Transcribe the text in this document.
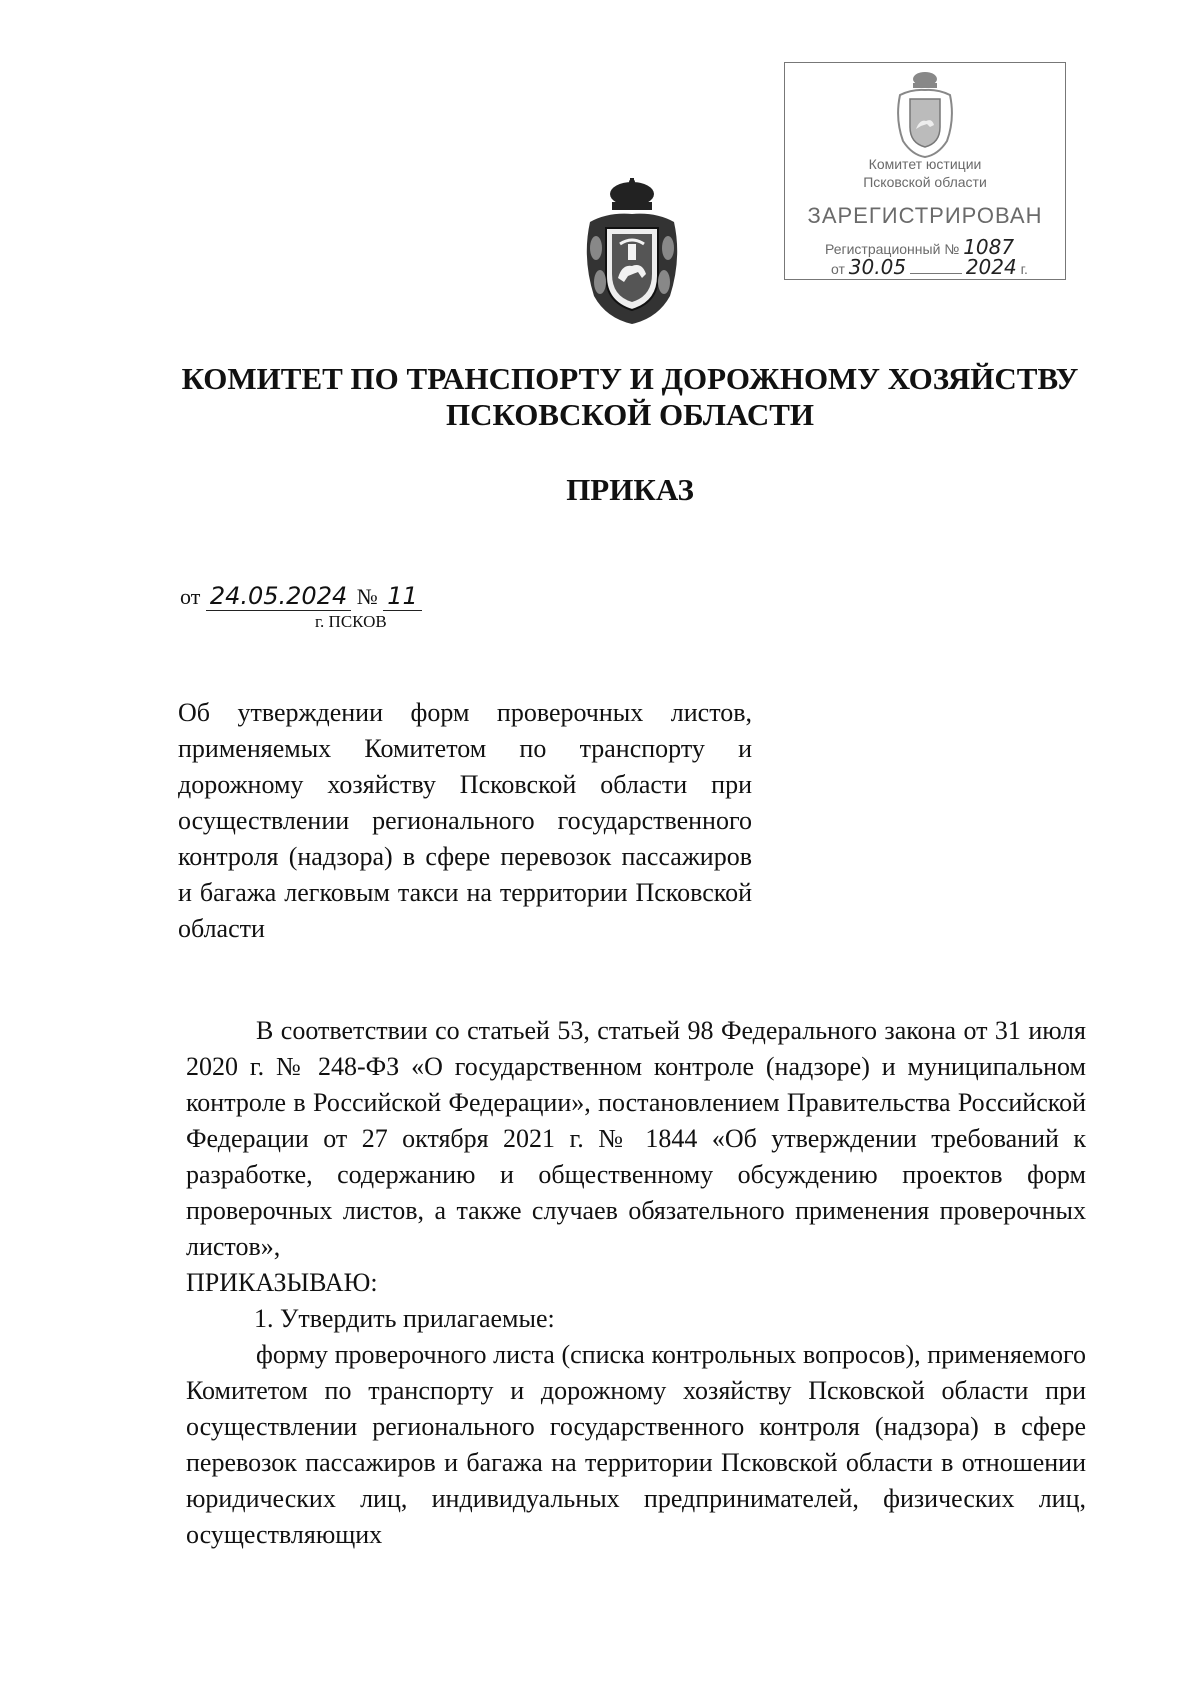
Комитет юстиции
Псковской области
ЗАРЕГИСТРИРОВАН
Регистрационный № 1087
от 30.05	2024 г.
КОМИТЕТ ПО ТРАНСПОРТУ И ДОРОЖНОМУ ХОЗЯЙСТВУ
ПСКОВСКОЙ ОБЛАСТИ
ПРИКАЗ
от 24.05.2024 № 11
г. ПСКОВ
Об утверждении форм проверочных листов, применяемых Комитетом по транспорту и дорожному хозяйству Псковской области при осуществлении регионального государственного контроля (надзора) в сфере перевозок пассажиров и багажа легковым такси на территории Псковской области

В соответствии со статьей 53, статьей 98 Федерального закона от 31 июля 2020 г. № 248-ФЗ «О государственном контроле (надзоре) и муниципальном контроле в Российской Федерации», постановлением Правительства Российской Федерации от 27 октября 2021 г. № 1844 «Об утверждении требований к разработке, содержанию и общественному обсуждению проектов форм проверочных листов, а также случаев обязательного применения проверочных листов»,

ПРИКАЗЫВАЮ:

1. Утвердить прилагаемые:

форму проверочного листа (списка контрольных вопросов), применяемого Комитетом по транспорту и дорожному хозяйству Псковской области при осуществлении регионального государственного контроля (надзора) в сфере перевозок пассажиров и багажа на территории Псковской области в отношении юридических лиц, индивидуальных предпринимателей, физических лиц, осуществляющих
